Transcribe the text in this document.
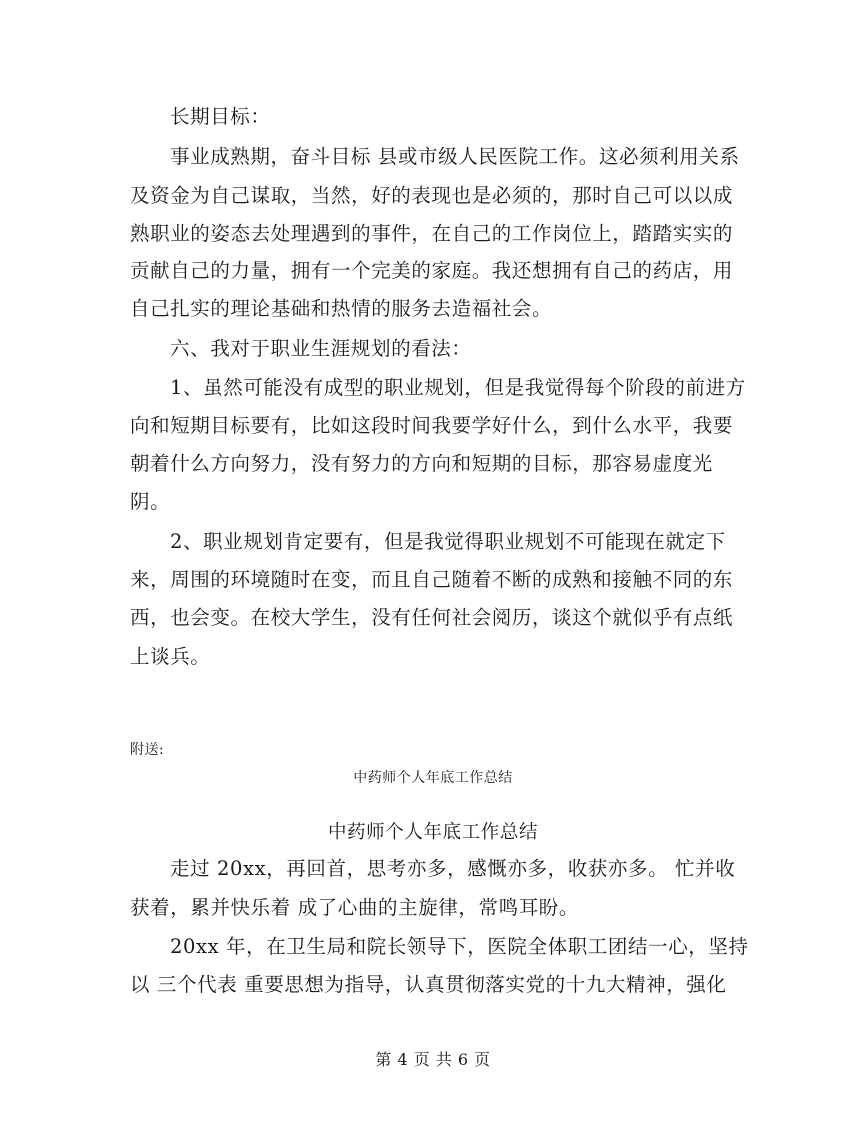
长期目标：
事业成熟期，奋斗目标 县或市级人民医院工作。这必须利用关系
及资金为自己谋取，当然，好的表现也是必须的，那时自己可以以成
熟职业的姿态去处理遇到的事件，在自己的工作岗位上，踏踏实实的
贡献自己的力量，拥有一个完美的家庭。我还想拥有自己的药店，用
自己扎实的理论基础和热情的服务去造福社会。
六、我对于职业生涯规划的看法：
1、虽然可能没有成型的职业规划，但是我觉得每个阶段的前进方
向和短期目标要有，比如这段时间我要学好什么，到什么水平，我要
朝着什么方向努力，没有努力的方向和短期的目标，那容易虚度光
阴。
2、职业规划肯定要有，但是我觉得职业规划不可能现在就定下
来，周围的环境随时在变，而且自己随着不断的成熟和接触不同的东
西，也会变。在校大学生，没有任何社会阅历，谈这个就似乎有点纸
上谈兵。
附送:
中药师个人年底工作总结
中药师个人年底工作总结
走过 20xx，再回首，思考亦多，感慨亦多，收获亦多。 忙并收
获着，累并快乐着 成了心曲的主旋律，常鸣耳盼。
20xx 年，在卫生局和院长领导下，医院全体职工团结一心，坚持
以 三个代表 重要思想为指导，认真贯彻落实党的十九大精神，强化
第 4 页 共 6 页
